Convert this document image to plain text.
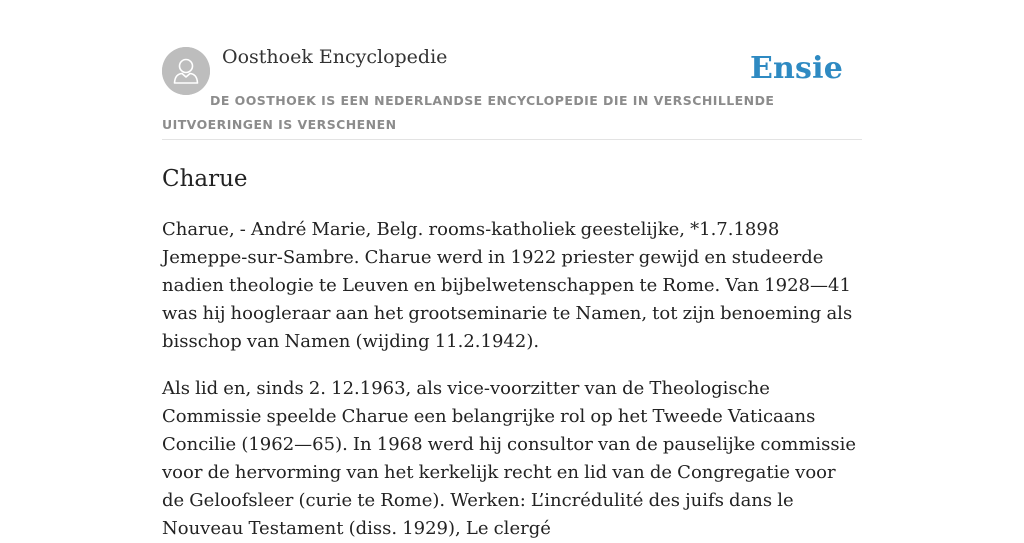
Oosthoek Encyclopedie	Ensie
DE OOSTHOEK IS EEN NEDERLANDSE ENCYCLOPEDIE DIE IN VERSCHILLENDE UITVOERINGEN IS VERSCHENEN
Charue

Charue, - André Marie, Belg. rooms-katholiek geestelijke, *1.7.1898 Jemeppe-sur-Sambre. Charue werd in 1922 priester gewijd en studeerde nadien theologie te Leuven en bijbelwetenschappen te Rome. Van 1928—41 was hij hoogleraar aan het grootseminarie te Namen, tot zijn benoeming als bisschop van Namen (wijding 11.2.1942).

Als lid en, sinds 2. 12.1963, als vice-voorzitter van de Theologische Commissie speelde Charue een belangrijke rol op het Tweede Vaticaans Concilie (1962—65). In 1968 werd hij consultor van de pauselijke commissie voor de hervorming van het kerkelijk recht en lid van de Congregatie voor de Geloofsleer (curie te Rome). Werken: L’incrédulité des juifs dans le Nouveau Testament (diss. 1929), Le clergé
